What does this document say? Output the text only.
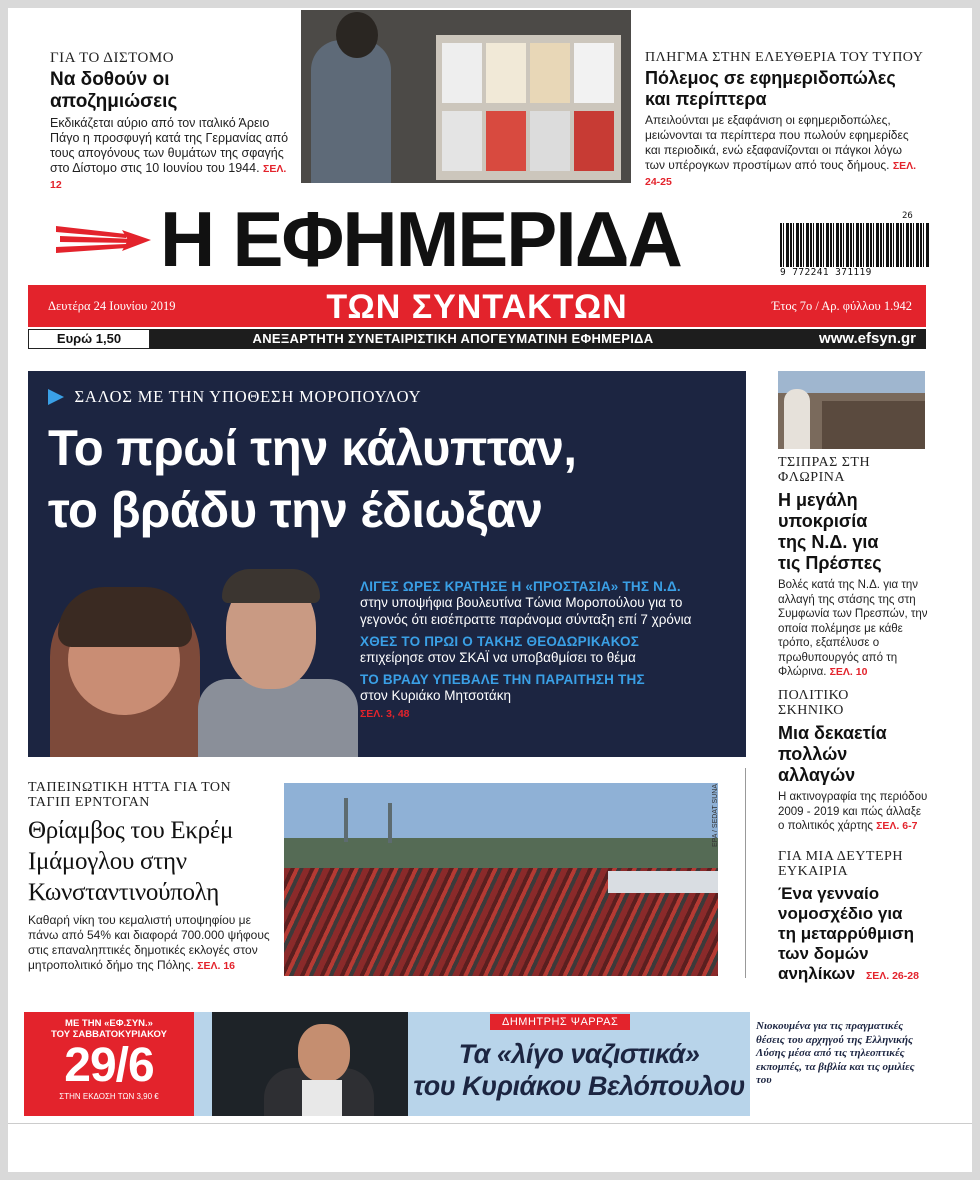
ΓΙΑ ΤΟ ΔΙΣΤΟΜΟ
Να δοθούν οι αποζημιώσεις
Εκδικάζεται αύριο από τον ιταλικό Άρειο Πάγο η προσφυγή κατά της Γερμανίας από τους απογόνους των θυμάτων της σφαγής στο Δίστομο στις 10 Ιουνίου του 1944. ΣΕΛ. 12
ΠΛΗΓΜΑ ΣΤΗΝ ΕΛΕΥΘΕΡΙΑ ΤΟΥ ΤΥΠΟΥ
Πόλεμος σε εφημεριδοπώλες
και περίπτερα
Απειλούνται με εξαφάνιση οι εφημεριδοπώλες, μειώνονται τα περίπτερα που πωλούν εφημερίδες και περιοδικά, ενώ εξαφανίζονται οι πάγκοι λόγω των υπέρογκων προστίμων από τους δήμους. ΣΕΛ. 24-25
Η ΕΦΗΜΕΡΙΔΑ	9 772241 371119
26
Δευτέρα 24 Ιουνίου 2019	ΤΩΝ ΣΥΝΤΑΚΤΩΝ	Έτος 7ο / Αρ. φύλλου 1.942
Ευρώ 1,50	ΑΝΕΞΑΡΤΗΤΗ ΣΥΝΕΤΑΙΡΙΣΤΙΚΗ ΑΠΟΓΕΥΜΑΤΙΝΗ ΕΦΗΜΕΡΙΔΑ	www.efsyn.gr
ΣΑΛΟΣ ΜΕ ΤΗΝ ΥΠΟΘΕΣΗ ΜΟΡΟΠΟΥΛΟΥ
Το πρωί την κάλυπταν,
το βράδυ την έδιωξαν
ΛΙΓΕΣ ΩΡΕΣ ΚΡΑΤΗΣΕ Η «ΠΡΟΣΤΑΣΙΑ» ΤΗΣ Ν.Δ.
στην υποψήφια βουλευτίνα Τώνια Μοροπούλου για το
γεγονός ότι εισέπραττε παράνομα σύνταξη επί 7 χρόνια
ΧΘΕΣ ΤΟ ΠΡΩΙ Ο ΤΑΚΗΣ ΘΕΟΔΩΡΙΚΑΚΟΣ
επιχείρησε στον ΣΚΑΪ να υποβαθμίσει το θέμα
ΤΟ ΒΡΑΔΥ ΥΠΕΒΑΛΕ ΤΗΝ ΠΑΡΑΙΤΗΣΗ ΤΗΣ
στον Κυριάκο Μητσοτάκη
ΣΕΛ. 3, 48
ΤΣΙΠΡΑΣ ΣΤΗ
ΦΛΩΡΙΝΑ
Η μεγάλη
υποκρισία
της Ν.Δ. για
τις Πρέσπες
Βολές κατά της Ν.Δ. για την αλλαγή της στάσης της στη Συμφωνία των Πρεσπών, την οποία πολέμησε με κάθε τρόπο, εξαπέλυσε ο πρωθυπουργός από τη Φλώρινα. ΣΕΛ. 10
ΠΟΛΙΤΙΚΟ
ΣΚΗΝΙΚΟ
Μια δεκαετία
πολλών
αλλαγών
Η ακτινογραφία της περιόδου 2009 - 2019 και πώς άλλαξε ο πολιτικός χάρτης ΣΕΛ. 6-7
ΓΙΑ ΜΙΑ ΔΕΥΤΕΡΗ
ΕΥΚΑΙΡΙΑ
Ένα γενναίο
νομοσχέδιο για
τη μεταρρύθμιση
των δομών
ανηλίκων ΣΕΛ. 26-28
ΤΑΠΕΙΝΩΤΙΚΗ ΗΤΤΑ ΓΙΑ ΤΟΝ
ΤΑΓΙΠ ΕΡΝΤΟΓΑΝ
Θρίαμβος του Εκρέμ
Ιμάμογλου στην
Κωνσταντινούπολη
Καθαρή νίκη του κεμαλιστή υποψηφίου με πάνω από 54% και διαφορά 700.000 ψήφους στις επαναληπτικές δημοτικές εκλογές στον μητροπολιτικό δήμο της Πόλης. ΣΕΛ. 16
EPA / SEDAT SUNA
ΜΕ ΤΗΝ «ΕΦ.ΣΥΝ.»
ΤΟΥ ΣΑΒΒΑΤΟΚΥΡΙΑΚΟΥ
29/6
ΣΤΗΝ ΕΚΔΟΣΗ ΤΩΝ 3,90 €
ΔΗΜΗΤΡΗΣ ΨΑΡΡΑΣ
Τα «λίγο ναζιστικά»
του Κυριάκου Βελόπουλου
Νιοκουμένα για τις πραγματικές θέσεις του αρχηγού της Ελληνικής Λύσης μέσα από τις τηλεοπτικές εκπομπές, τα βιβλία και τις ομιλίες του
